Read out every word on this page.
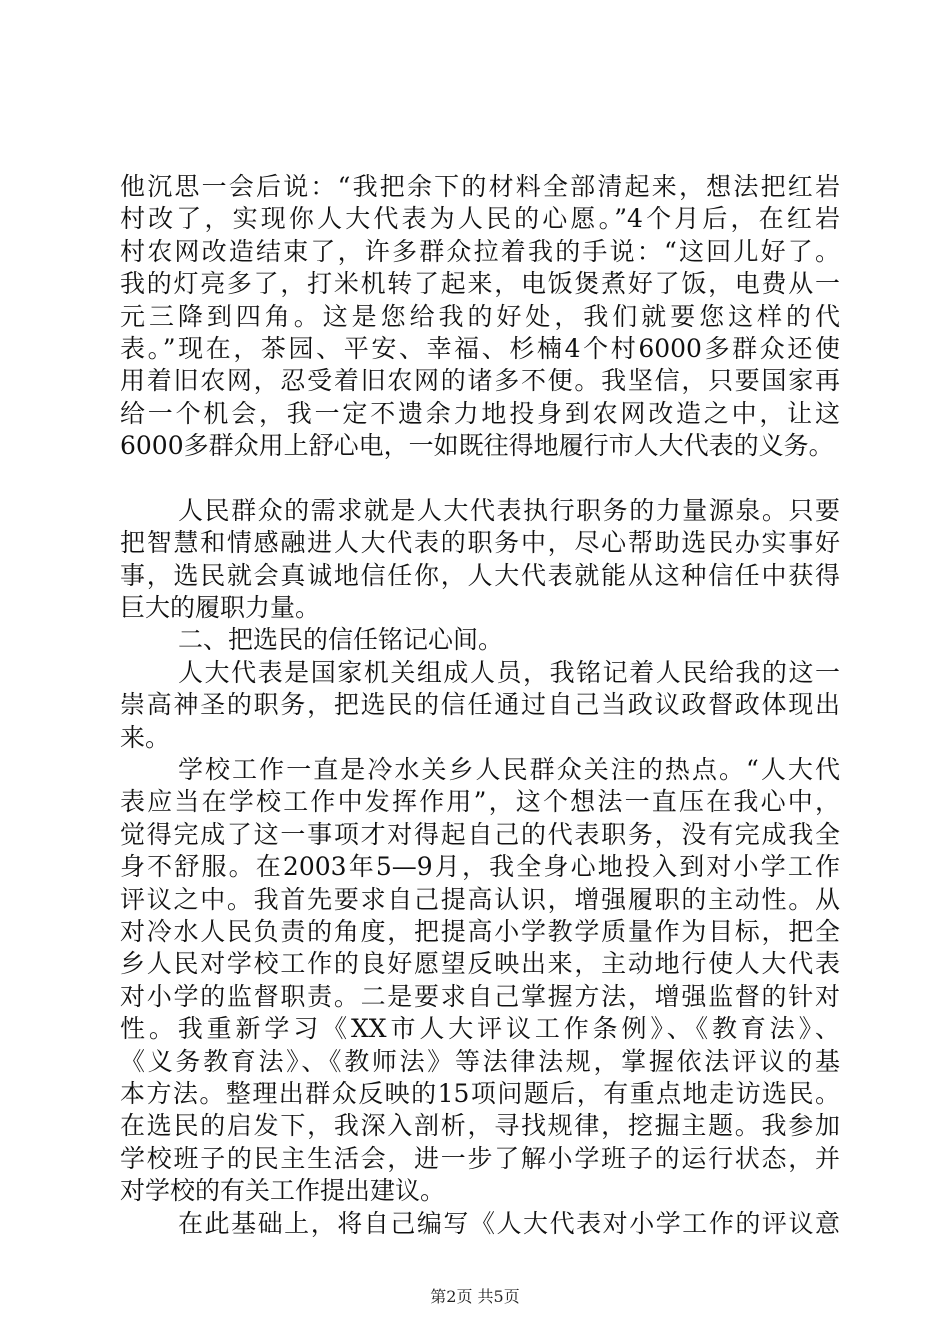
他沉思一会后说：“我把余下的材料全部清起来，想法把红岩
村改了，实现你人大代表为人民的心愿。”4个月后，在红岩
村农网改造结束了，许多群众拉着我的手说：“这回儿好了。
我的灯亮多了，打米机转了起来，电饭煲煮好了饭，电费从一
元三降到四角。这是您给我的好处，我们就要您这样的代
表。”现在，茶园、平安、幸福、杉楠4个村6000多群众还使
用着旧农网，忍受着旧农网的诸多不便。我坚信，只要国家再
给一个机会，我一定不遗余力地投身到农网改造之中，让这
6000多群众用上舒心电，一如既往得地履行市人大代表的义务。
人民群众的需求就是人大代表执行职务的力量源泉。只要
把智慧和情感融进人大代表的职务中，尽心帮助选民办实事好
事，选民就会真诚地信任你，人大代表就能从这种信任中获得
巨大的履职力量。
二、把选民的信任铭记心间。
人大代表是国家机关组成人员，我铭记着人民给我的这一
崇高神圣的职务，把选民的信任通过自己当政议政督政体现出
来。
学校工作一直是冷水关乡人民群众关注的热点。“人大代
表应当在学校工作中发挥作用”，这个想法一直压在我心中，
觉得完成了这一事项才对得起自己的代表职务，没有完成我全
身不舒服。在2003年5—9月，我全身心地投入到对小学工作
评议之中。我首先要求自己提高认识，增强履职的主动性。从
对冷水人民负责的角度，把提高小学教学质量作为目标，把全
乡人民对学校工作的良好愿望反映出来，主动地行使人大代表
对小学的监督职责。二是要求自己掌握方法，增强监督的针对
性。我重新学习《XX市人大评议工作条例》、《教育法》、
《义务教育法》、《教师法》等法律法规，掌握依法评议的基
本方法。整理出群众反映的15项问题后，有重点地走访选民。
在选民的启发下，我深入剖析，寻找规律，挖掘主题。我参加
学校班子的民主生活会，进一步了解小学班子的运行状态，并
对学校的有关工作提出建议。
在此基础上，将自己编写《人大代表对小学工作的评议意
第2页 共5页
